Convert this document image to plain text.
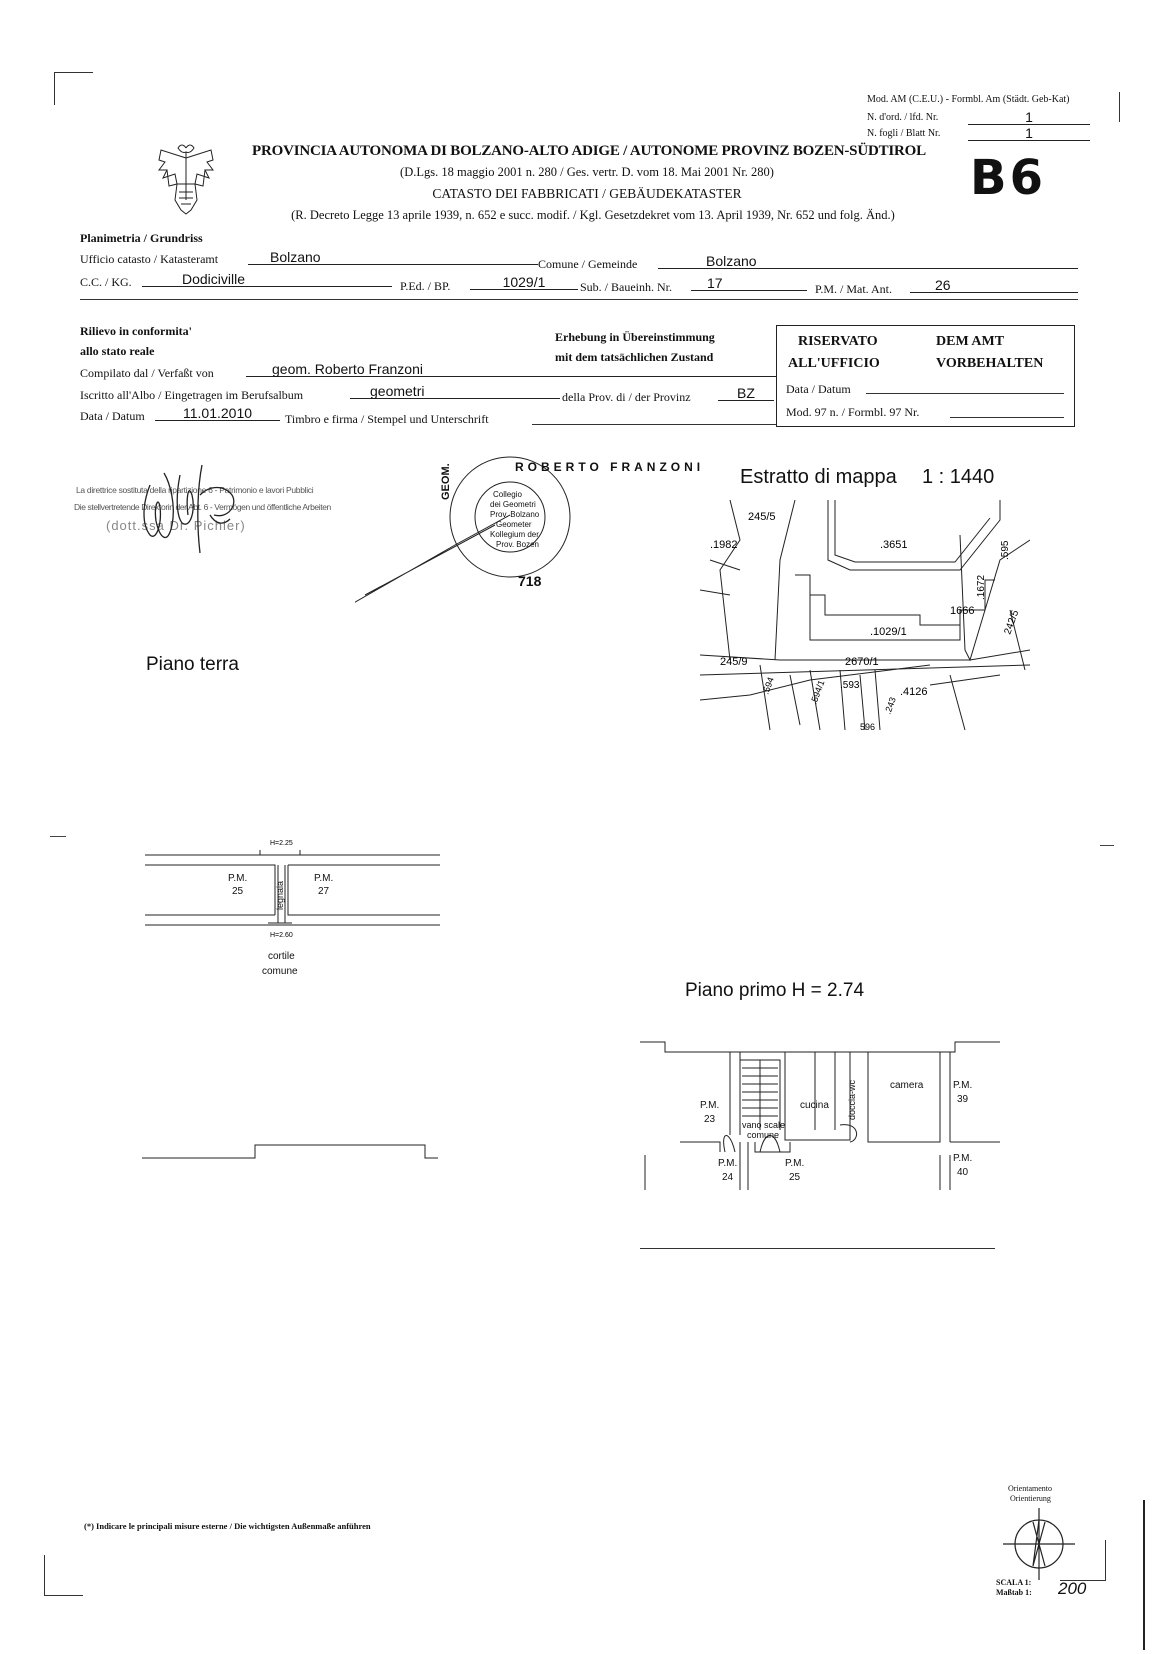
Mod. AM (C.E.U.) - Formbl. Am (Städt. Geb-Kat)
N. d'ord. / lfd. Nr.	1
N. fogli / Blatt Nr.	1
PROVINCIA AUTONOMA DI BOLZANO-ALTO ADIGE / AUTONOME PROVINZ BOZEN-SÜDTIROL
(D.Lgs. 18 maggio 2001 n. 280 / Ges. vertr. D. vom 18. Mai 2001 Nr. 280)
CATASTO DEI FABBRICATI / GEBÄUDEKATASTER
(R. Decreto Legge 13 aprile 1939, n. 652 e succ. modif. / Kgl. Gesetzdekret vom 13. April 1939, Nr. 652 und folg. Änd.)
B6
Planimetria / Grundriss
Ufficio catasto / Katasteramt	Bolzano	Comune / Gemeinde	Bolzano
C.C. / KG.	Dodiciville	P.Ed. / BP.	1029/1	Sub. / Baueinh. Nr.	17	P.M. / Mat. Ant.	26
Rilievo in conformita'
allo stato reale
Erhebung in Übereinstimmung
mit dem tatsächlichen Zustand
Compilato dal / Verfaßt von	geom. Roberto Franzoni
Iscritto all'Albo / Eingetragen im Berufsalbum	geometri	della Prov. di / der Provinz	BZ
Data / Datum	11.01.2010	Timbro e firma / Stempel und Unterschrift
RISERVATO
ALL'UFFICIO
DEM AMT
VORBEHALTEN
Data / Datum
Mod. 97 n. / Formbl. 97 Nr.
La direttrice sostituta della ripartizione 6 - Patrimonio e lavori Pubblici
Die stellvertretende Direktorin der Abt. 6 - Vermögen und öffentliche Arbeiten
(dott.ssa Dr. Pichler)
ROBERTO FRANZONI
GEOM.	Collegio
dei Geometri
Prov. Bolzano
Geometer
Kollegium der
Prov. Bozen
718
Estratto di mappa 1 : 1440
245/5
.1982	.3651	.595
.1672
1666
.1029/1
245/9	2670/1
.593
.4126
.594	.594/1
.243
242/5
596
Piano terra
H=2.25
H=2.60
P.M.
25
P.M.
27
legnaia
cortile
comune
Piano primo H = 2.74
cucina doccia-wc	camera
vano scale
comune
P.M.
23
P.M.
24
P.M.
25
P.M.
39
P.M.
40
(*) Indicare le principali misure esterne / Die wichtigsten Außenmaße anführen
Orientamento
Orientierung
SCALA 1:
Maßtab 1: 200
